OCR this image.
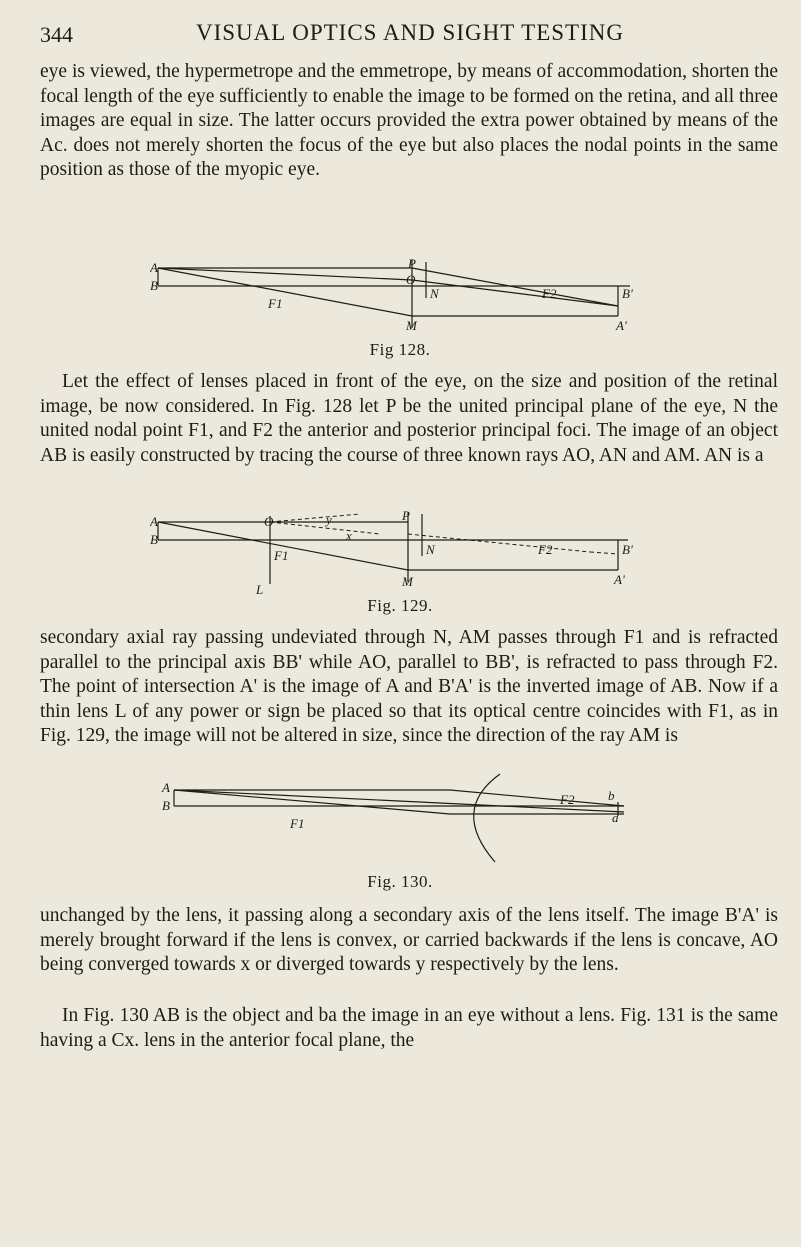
344	VISUAL OPTICS AND SIGHT TESTING

eye is viewed, the hypermetrope and the emmetrope, by means of accommodation, shorten the focal length of the eye sufficiently to enable the image to be formed on the retina, and all three images are equal in size. The latter occurs provided the extra power obtained by means of the Ac. does not merely shorten the focus of the eye but also places the nodal points in the same position as those of the myopic eye.

A
B
P
O
N
F1
F2	B'
M	A'
Fig 128.

Let the effect of lenses placed in front of the eye, on the size and position of the retinal image, be now considered. In Fig. 128 let P be the united principal plane of the eye, N the united nodal point F1, and F2 the anterior and posterior principal foci. The image of an object AB is easily constructed by tracing the course of three known rays AO, AN and AM. AN is a

A
B
O	P
y
x
N
F1	F2	B'
L
M	A'
Fig. 129.

secondary axial ray passing undeviated through N, AM passes through F1 and is refracted parallel to the principal axis BB' while AO, parallel to BB', is refracted to pass through F2. The point of intersection A' is the image of A and B'A' is the inverted image of AB. Now if a thin lens L of any power or sign be placed so that its optical centre coincides with F1, as in Fig. 129, the image will not be altered in size, since the direction of the ray AM is

A
B
F1
F2	b
a
Fig. 130.

unchanged by the lens, it passing along a secondary axis of the lens itself. The image B'A' is merely brought forward if the lens is convex, or carried backwards if the lens is concave, AO being converged towards x or diverged towards y respectively by the lens.

In Fig. 130 AB is the object and ba the image in an eye without a lens. Fig. 131 is the same having a Cx. lens in the anterior focal plane, the
